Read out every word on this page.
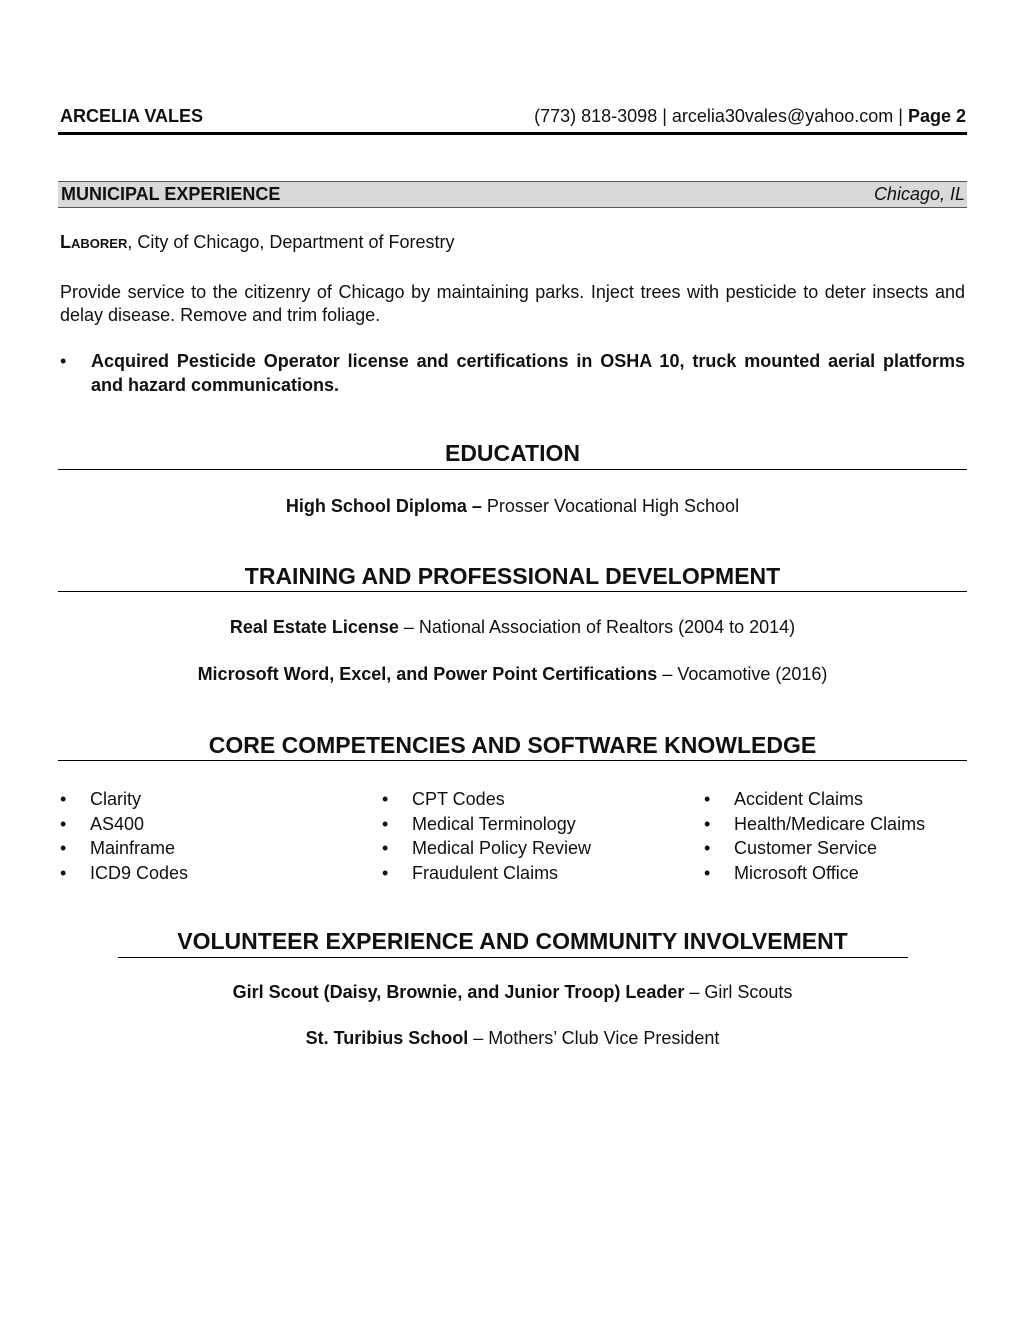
ARCELIA VALES	(773) 818-3098 | arcelia30vales@yahoo.com | Page 2
MUNICIPAL EXPERIENCE	Chicago, IL
LABORER, City of Chicago, Department of Forestry
Provide service to the citizenry of Chicago by maintaining parks. Inject trees with pesticide to deter insects and delay disease. Remove and trim foliage.
• Acquired Pesticide Operator license and certifications in OSHA 10, truck mounted aerial platforms and hazard communications.
EDUCATION
High School Diploma – Prosser Vocational High School
TRAINING AND PROFESSIONAL DEVELOPMENT
Real Estate License – National Association of Realtors (2004 to 2014)
Microsoft Word, Excel, and Power Point Certifications – Vocamotive (2016)
CORE COMPETENCIES AND SOFTWARE KNOWLEDGE
• Clarity
• AS400
• Mainframe
• ICD9 Codes
• CPT Codes
• Medical Terminology
• Medical Policy Review
• Fraudulent Claims
• Accident Claims
• Health/Medicare Claims
• Customer Service
• Microsoft Office
VOLUNTEER EXPERIENCE AND COMMUNITY INVOLVEMENT
Girl Scout (Daisy, Brownie, and Junior Troop) Leader – Girl Scouts
St. Turibius School – Mothers’ Club Vice President
